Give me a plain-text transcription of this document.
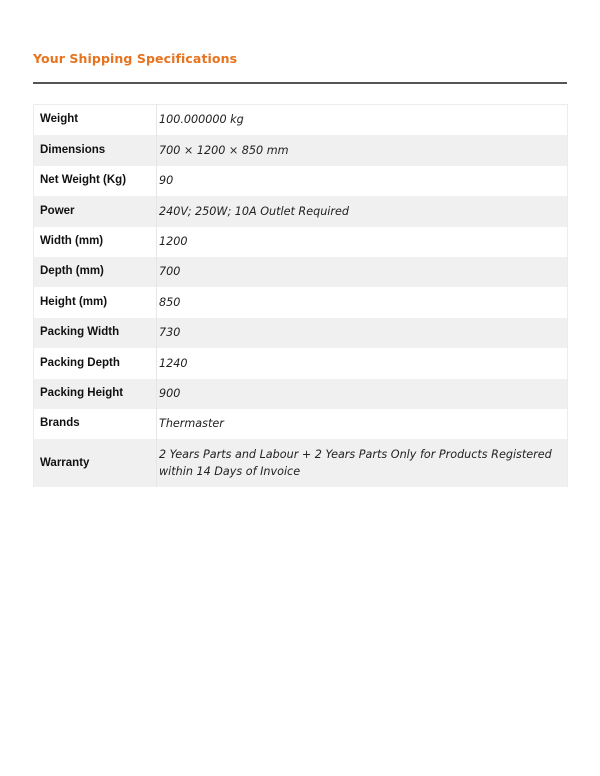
Your Shipping Specifications
Weight	100.000000 kg
Dimensions	700 × 1200 × 850 mm
Net Weight (Kg)	90
Power	240V; 250W; 10A Outlet Required
Width (mm)	1200
Depth (mm)	700
Height (mm)	850
Packing Width	730
Packing Depth	1240
Packing Height	900
Brands	Thermaster
Warranty	2 Years Parts and Labour + 2 Years Parts Only for Products Registered within 14 Days of Invoice
